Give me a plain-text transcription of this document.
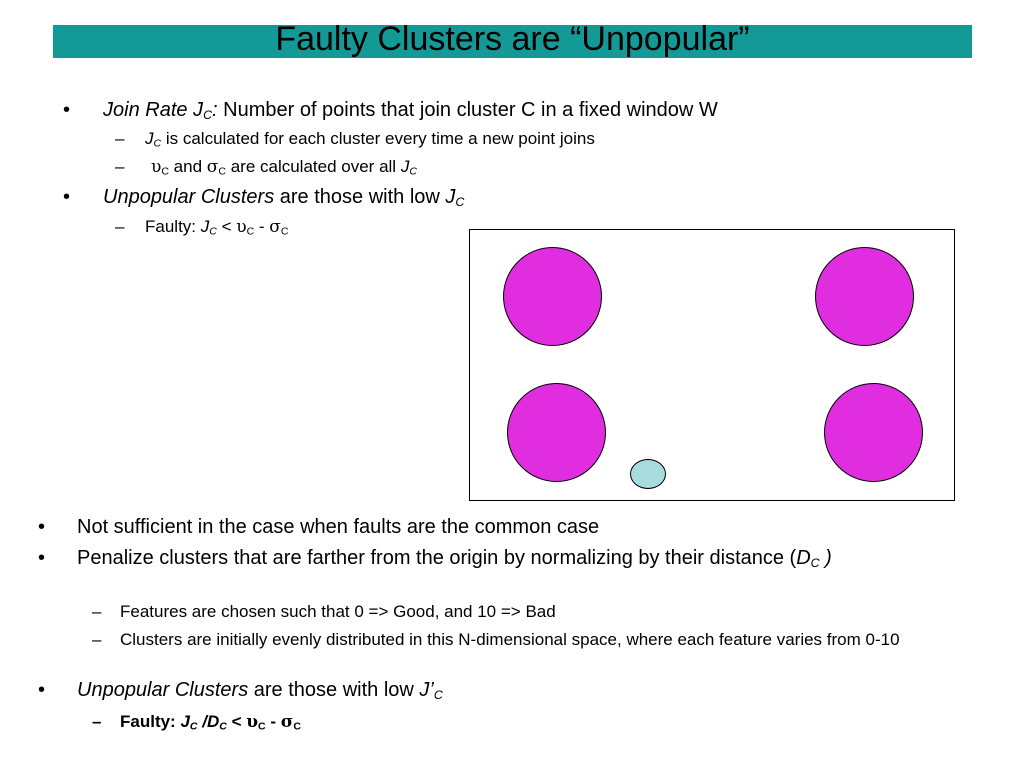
Faulty Clusters are “Unpopular”
• Join Rate $J_C$: Number of points that join cluster C in a fixed window W
– $J_C$ is calculated for each cluster every time a new point joins
– $\upsilon_C$ and $\sigma_C$ are calculated over all $J_C$
• Unpopular Clusters are those with low $J_C$
– Faulty: $J_C < \upsilon_C - \sigma_C$
• Not sufficient in the case when faults are the common case
• Penalize clusters that are farther from the origin by normalizing by their distance ($D_C$ )
– Features are chosen such that 0 => Good, and 10 => Bad
– Clusters are initially evenly distributed in this N-dimensional space, where each feature varies from 0-10
• Unpopular Clusters are those with low $J’_C$
– Faulty: $J_C$ $/D_C < \upsilon_C - \sigma_C$
